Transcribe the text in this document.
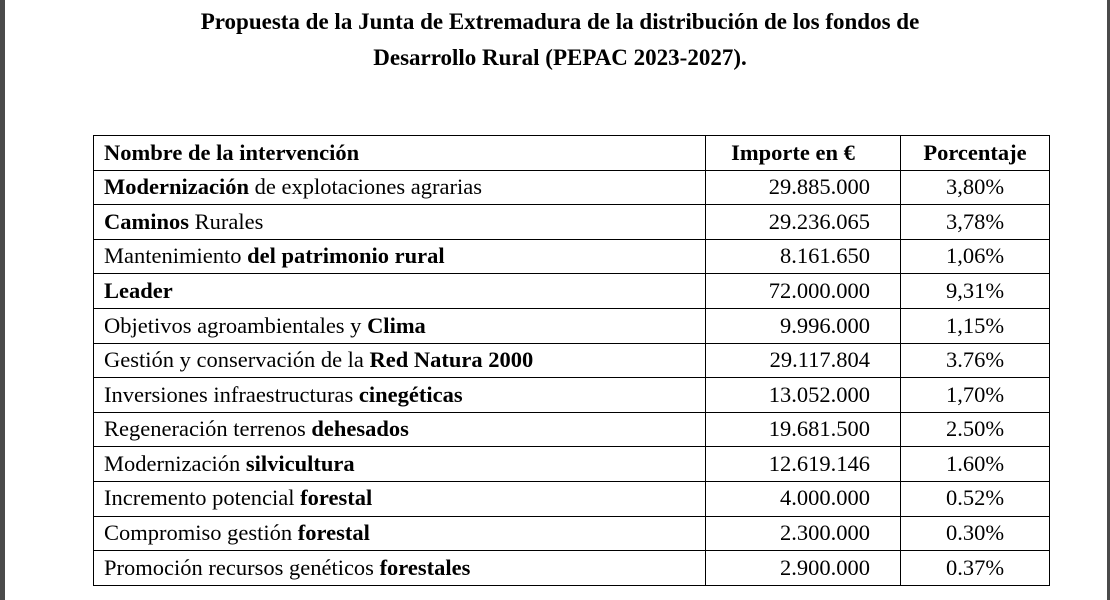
Propuesta de la Junta de Extremadura de la distribución de los fondos de
Desarrollo Rural (PEPAC 2023-2027).
Nombre de la intervención	Importe en €	Porcentaje
Modernización de explotaciones agrarias	29.885.000	3,80%
Caminos Rurales	29.236.065	3,78%
Mantenimiento del patrimonio rural	8.161.650	1,06%
Leader	72.000.000	9,31%
Objetivos agroambientales y Clima	9.996.000	1,15%
Gestión y conservación de la Red Natura 2000	29.117.804	3.76%
Inversiones infraestructuras cinegéticas	13.052.000	1,70%
Regeneración terrenos dehesados	19.681.500	2.50%
Modernización silvicultura	12.619.146	1.60%
Incremento potencial forestal	4.000.000	0.52%
Compromiso gestión forestal	2.300.000	0.30%
Promoción recursos genéticos forestales	2.900.000	0.37%
